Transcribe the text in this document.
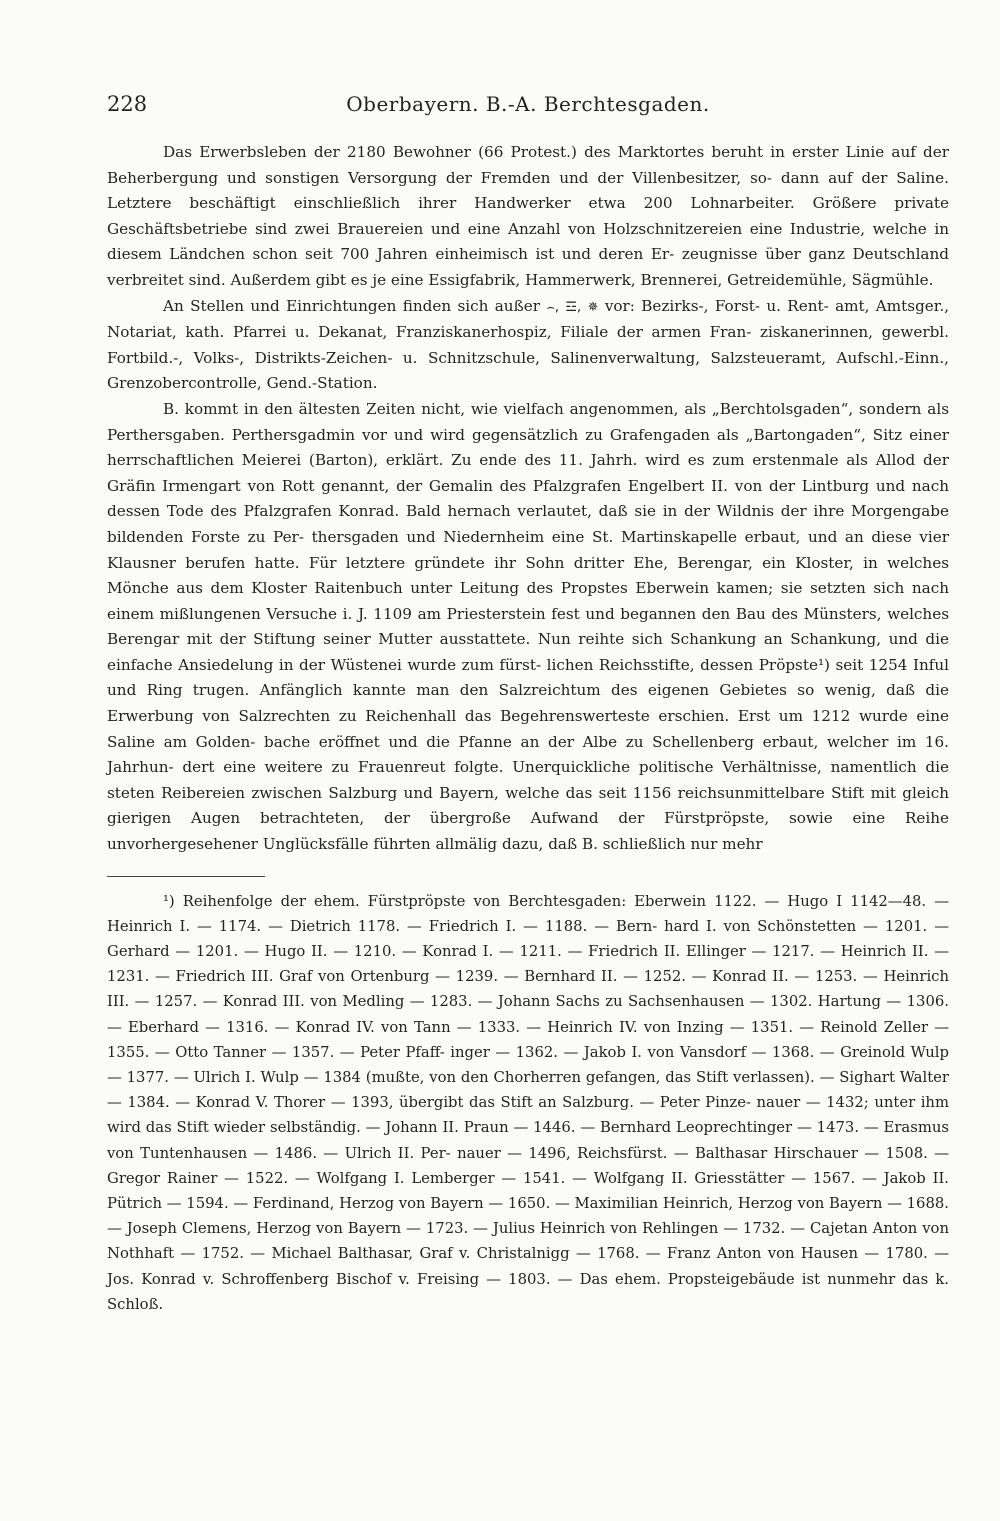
228	Oberbayern. B.-A. Berchtesgaden.

Das Erwerbsleben der 2180 Bewohner (66 Protest.) des Marktortes beruht in erster Linie auf der Beherbergung und sonstigen Versorgung der Fremden und der Villenbesitzer, so- dann auf der Saline. Letztere beschäftigt einschließlich ihrer Handwerker etwa 200 Lohnarbeiter. Größere private Geschäftsbetriebe sind zwei Brauereien und eine Anzahl von Holzschnitzereien eine Industrie, welche in diesem Ländchen schon seit 700 Jahren einheimisch ist und deren Er- zeugnisse über ganz Deutschland verbreitet sind. Außerdem gibt es je eine Essigfabrik, Hammerwerk, Brennerei, Getreidemühle, Sägmühle.

An Stellen und Einrichtungen finden sich außer ⌢, ☲, ✵ vor: Bezirks-, Forst- u. Rent- amt, Amtsger., Notariat, kath. Pfarrei u. Dekanat, Franziskanerhospiz, Filiale der armen Fran- ziskanerinnen, gewerbl. Fortbild.-, Volks-, Distrikts-Zeichen- u. Schnitzschule, Salinenverwaltung, Salzsteueramt, Aufschl.-Einn., Grenzobercontrolle, Gend.-Station.

B. kommt in den ältesten Zeiten nicht, wie vielfach angenommen, als „Berchtolsgaden“, sondern als Perthersgaben. Perthersgadmin vor und wird gegensätzlich zu Grafengaden als „Bartongaden“, Sitz einer herrschaftlichen Meierei (Barton), erklärt. Zu ende des 11. Jahrh. wird es zum erstenmale als Allod der Gräfin Irmengart von Rott genannt, der Gemalin des Pfalzgrafen Engelbert II. von der Lintburg und nach dessen Tode des Pfalzgrafen Konrad. Bald hernach verlautet, daß sie in der Wildnis der ihre Morgengabe bildenden Forste zu Per- thersgaden und Niedernheim eine St. Martinskapelle erbaut, und an diese vier Klausner berufen hatte. Für letztere gründete ihr Sohn dritter Ehe, Berengar, ein Kloster, in welches Mönche aus dem Kloster Raitenbuch unter Leitung des Propstes Eberwein kamen; sie setzten sich nach einem mißlungenen Versuche i. J. 1109 am Priesterstein fest und begannen den Bau des Münsters, welches Berengar mit der Stiftung seiner Mutter ausstattete. Nun reihte sich Schankung an Schankung, und die einfache Ansiedelung in der Wüstenei wurde zum fürst- lichen Reichsstifte, dessen Pröpste¹) seit 1254 Inful und Ring trugen. Anfänglich kannte man den Salzreichtum des eigenen Gebietes so wenig, daß die Erwerbung von Salzrechten zu Reichenhall das Begehrenswerteste erschien. Erst um 1212 wurde eine Saline am Golden- bache eröffnet und die Pfanne an der Albe zu Schellenberg erbaut, welcher im 16. Jahrhun- dert eine weitere zu Frauenreut folgte. Unerquickliche politische Verhältnisse, namentlich die steten Reibereien zwischen Salzburg und Bayern, welche das seit 1156 reichsunmittelbare Stift mit gleich gierigen Augen betrachteten, der übergroße Aufwand der Fürstpröpste, sowie eine Reihe unvorhergesehener Unglücksfälle führten allmälig dazu, daß B. schließlich nur mehr

¹) Reihenfolge der ehem. Fürstpröpste von Berchtesgaden: Eberwein 1122. — Hugo I 1142—48. — Heinrich I. — 1174. — Dietrich 1178. — Friedrich I. — 1188. — Bern- hard I. von Schönstetten — 1201. — Gerhard — 1201. — Hugo II. — 1210. — Konrad I. — 1211. — Friedrich II. Ellinger — 1217. — Heinrich II. — 1231. — Friedrich III. Graf von Ortenburg — 1239. — Bernhard II. — 1252. — Konrad II. — 1253. — Heinrich III. — 1257. — Konrad III. von Medling — 1283. — Johann Sachs zu Sachsenhausen — 1302. Hartung — 1306. — Eberhard — 1316. — Konrad IV. von Tann — 1333. — Heinrich IV. von Inzing — 1351. — Reinold Zeller — 1355. — Otto Tanner — 1357. — Peter Pfaff- inger — 1362. — Jakob I. von Vansdorf — 1368. — Greinold Wulp — 1377. — Ulrich I. Wulp — 1384 (mußte, von den Chorherren gefangen, das Stift verlassen). — Sighart Walter — 1384. — Konrad V. Thorer — 1393, übergibt das Stift an Salzburg. — Peter Pinze- nauer — 1432; unter ihm wird das Stift wieder selbständig. — Johann II. Praun — 1446. — Bernhard Leoprechtinger — 1473. — Erasmus von Tuntenhausen — 1486. — Ulrich II. Per- nauer — 1496, Reichsfürst. — Balthasar Hirschauer — 1508. — Gregor Rainer — 1522. — Wolfgang I. Lemberger — 1541. — Wolfgang II. Griesstätter — 1567. — Jakob II. Pütrich — 1594. — Ferdinand, Herzog von Bayern — 1650. — Maximilian Heinrich, Herzog von Bayern — 1688. — Joseph Clemens, Herzog von Bayern — 1723. — Julius Heinrich von Rehlingen — 1732. — Cajetan Anton von Nothhaft — 1752. — Michael Balthasar, Graf v. Christalnigg — 1768. — Franz Anton von Hausen — 1780. — Jos. Konrad v. Schroffenberg Bischof v. Freising — 1803. — Das ehem. Propsteigebäude ist nunmehr das k. Schloß.
